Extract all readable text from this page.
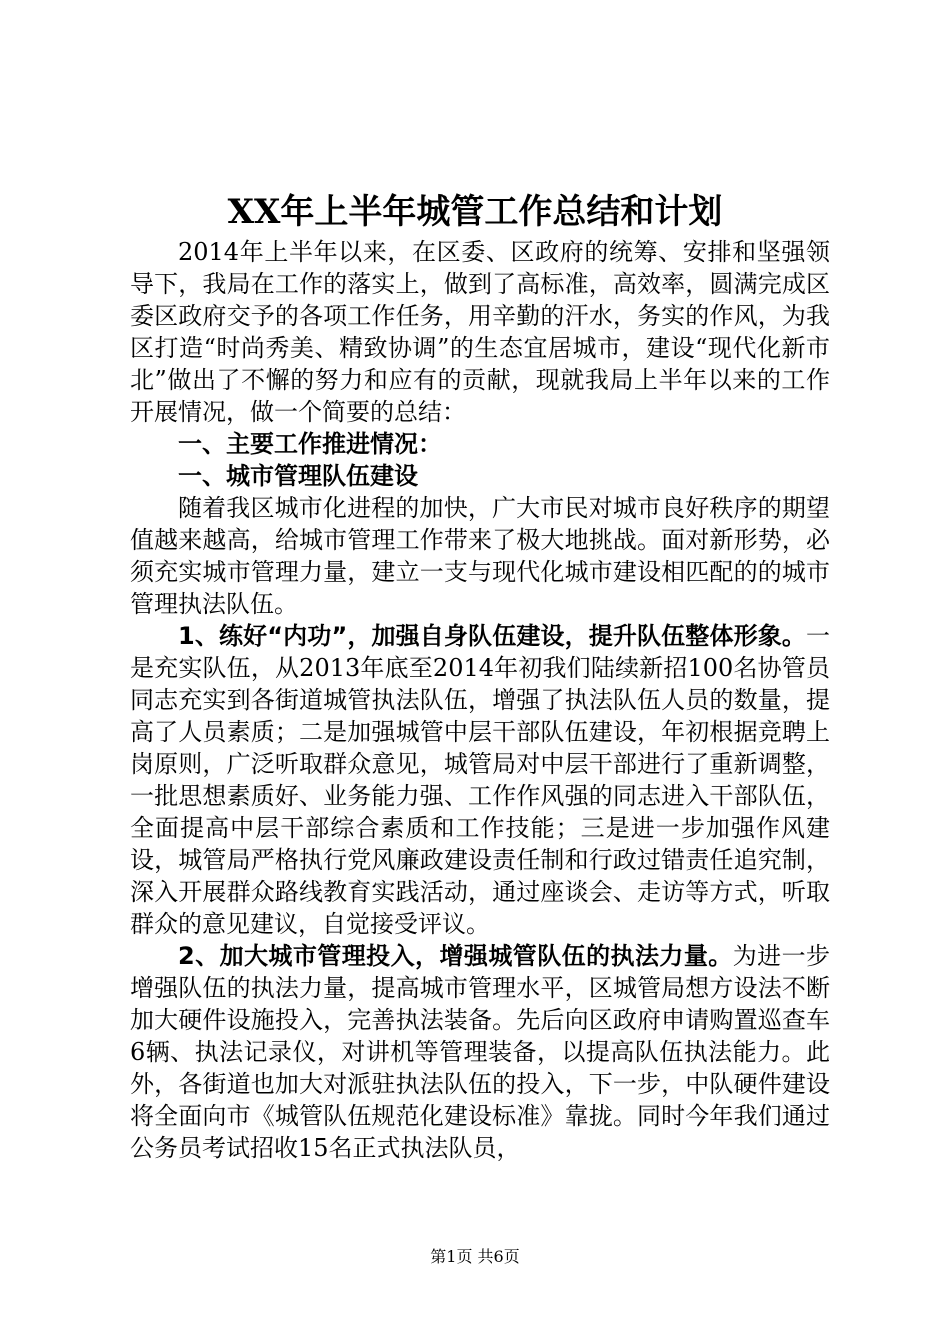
XX年上半年城管工作总结和计划

2014年上半年以来，在区委、区政府的统筹、安排和坚强领导下，我局在工作的落实上，做到了高标准，高效率，圆满完成区委区政府交予的各项工作任务，用辛勤的汗水，务实的作风，为我区打造“时尚秀美、精致协调”的生态宜居城市，建设“现代化新市北”做出了不懈的努力和应有的贡献，现就我局上半年以来的工作开展情况，做一个简要的总结：

一、主要工作推进情况：

一、城市管理队伍建设

随着我区城市化进程的加快，广大市民对城市良好秩序的期望值越来越高，给城市管理工作带来了极大地挑战。面对新形势，必须充实城市管理力量，建立一支与现代化城市建设相匹配的的城市管理执法队伍。

1、练好“内功”，加强自身队伍建设，提升队伍整体形象。一是充实队伍，从2013年底至2014年初我们陆续新招100名协管员同志充实到各街道城管执法队伍，增强了执法队伍人员的数量，提高了人员素质；二是加强城管中层干部队伍建设，年初根据竞聘上岗原则，广泛听取群众意见，城管局对中层干部进行了重新调整，一批思想素质好、业务能力强、工作作风强的同志进入干部队伍，全面提高中层干部综合素质和工作技能；三是进一步加强作风建设，城管局严格执行党风廉政建设责任制和行政过错责任追究制，深入开展群众路线教育实践活动，通过座谈会、走访等方式，听取群众的意见建议，自觉接受评议。

2、加大城市管理投入，增强城管队伍的执法力量。为进一步增强队伍的执法力量，提高城市管理水平，区城管局想方设法不断加大硬件设施投入，完善执法装备。先后向区政府申请购置巡查车6辆、执法记录仪，对讲机等管理装备，以提高队伍执法能力。此外，各街道也加大对派驻执法队伍的投入，下一步，中队硬件建设将全面向市《城管队伍规范化建设标准》靠拢。同时今年我们通过公务员考试招收15名正式执法队员，

第1页 共6页
